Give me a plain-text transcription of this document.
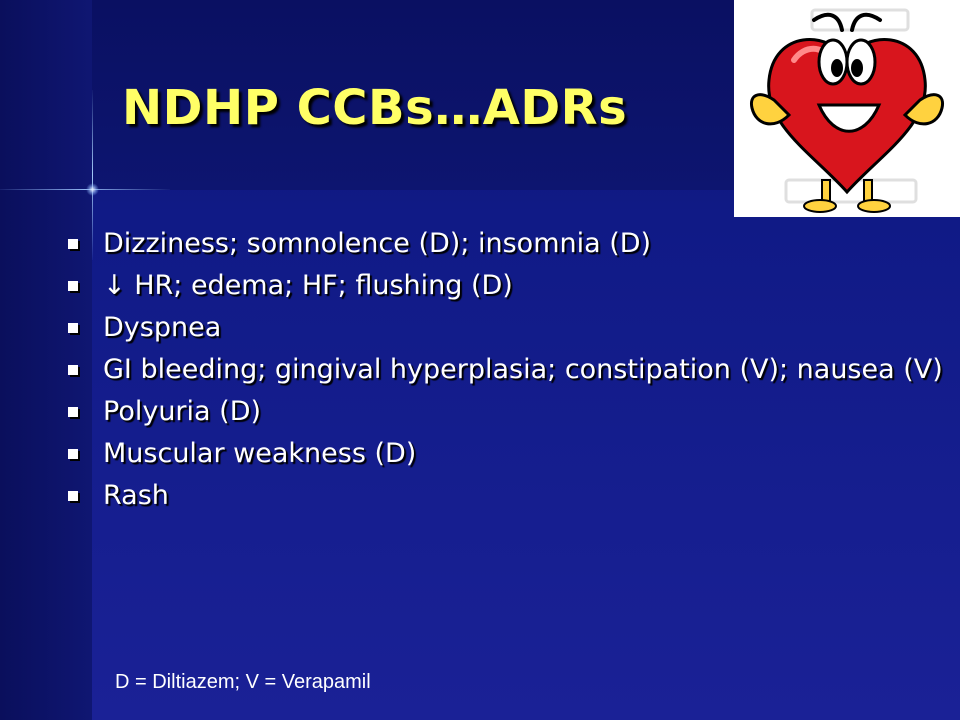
NDHP CCBs…ADRs
Dizziness; somnolence (D); insomnia (D)
↓ HR; edema; HF; flushing (D)
Dyspnea
GI bleeding; gingival hyperplasia; constipation (V); nausea (V)
Polyuria (D)
Muscular weakness (D)
Rash
D = Diltiazem; V = Verapamil
